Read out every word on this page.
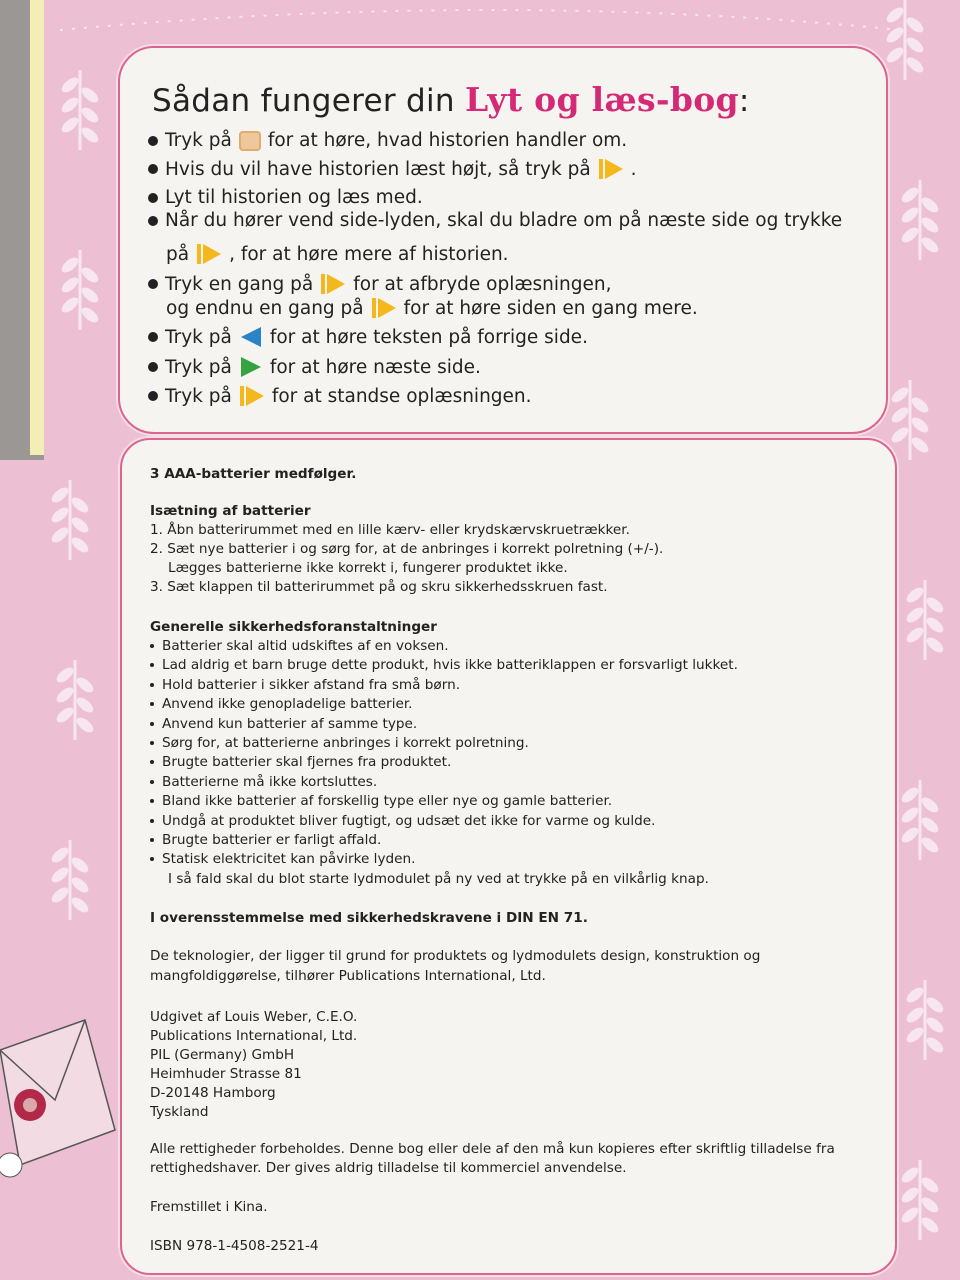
Sådan fungerer din Lyt og læs-bog:
Tryk på for at høre, hvad historien handler om.
Hvis du vil have historien læst højt, så tryk på .
Lyt til historien og læs med.
Når du hører vend side-lyden, skal du bladre om på næste side og trykke
på , for at høre mere af historien.
Tryk en gang på for at afbryde oplæsningen,
og endnu en gang på for at høre siden en gang mere.
Tryk på for at høre teksten på forrige side.
Tryk på for at høre næste side.
Tryk på for at standse oplæsningen.
3 AAA-batterier medfølger.
Isætning af batterier
1. Åbn batterirummet med en lille kærv- eller krydskærvskruetrækker.
2. Sæt nye batterier i og sørg for, at de anbringes i korrekt polretning (+/-).
Lægges batterierne ikke korrekt i, fungerer produktet ikke.
3. Sæt klappen til batterirummet på og skru sikkerhedsskruen fast.
Generelle sikkerhedsforanstaltninger
Batterier skal altid udskiftes af en voksen.
Lad aldrig et barn bruge dette produkt, hvis ikke batteriklappen er forsvarligt lukket.
Hold batterier i sikker afstand fra små børn.
Anvend ikke genopladelige batterier.
Anvend kun batterier af samme type.
Sørg for, at batterierne anbringes i korrekt polretning.
Brugte batterier skal fjernes fra produktet.
Batterierne må ikke kortsluttes.
Bland ikke batterier af forskellig type eller nye og gamle batterier.
Undgå at produktet bliver fugtigt, og udsæt det ikke for varme og kulde.
Brugte batterier er farligt affald.
Statisk elektricitet kan påvirke lyden.
I så fald skal du blot starte lydmodulet på ny ved at trykke på en vilkårlig knap.
I overensstemmelse med sikkerhedskravene i DIN EN 71.
De teknologier, der ligger til grund for produktets og lydmodulets design, konstruktion og
mangfoldiggørelse, tilhører Publications International, Ltd.
Udgivet af Louis Weber, C.E.O.
Publications International, Ltd.
PIL (Germany) GmbH
Heimhuder Strasse 81
D-20148 Hamborg
Tyskland
Alle rettigheder forbeholdes. Denne bog eller dele af den må kun kopieres efter skriftlig tilladelse fra
rettighedshaver. Der gives aldrig tilladelse til kommerciel anvendelse.
Fremstillet i Kina.
ISBN 978-1-4508-2521-4
